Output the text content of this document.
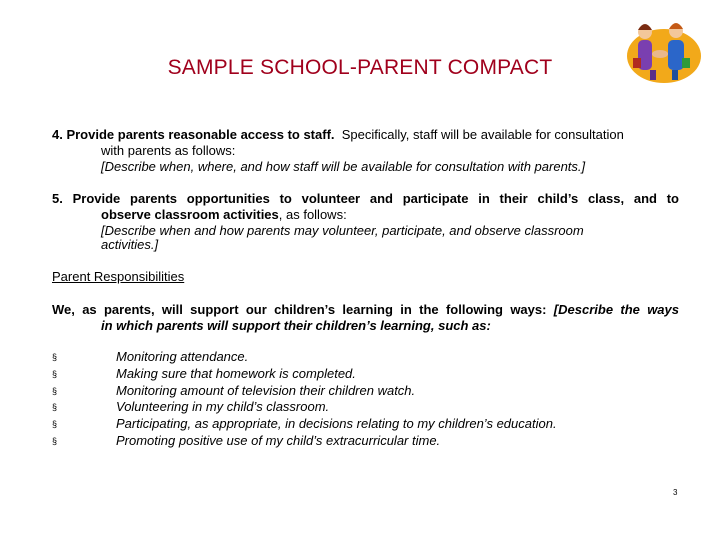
SAMPLE SCHOOL-PARENT COMPACT
4. Provide parents reasonable access to staff. Specifically, staff will be available for consultation
with parents as follows:
[Describe when, where, and how staff will be available for consultation with parents.]
5. Provide parents opportunities to volunteer and participate in their child’s class, and to
observe classroom activities, as follows:
[Describe when and how parents may volunteer, participate, and observe classroom
activities.]
Parent Responsibilities
We, as parents, will support our children’s learning in the following ways: [Describe the ways
in which parents will support their children’s learning, such as:
§	Monitoring attendance.
§	Making sure that homework is completed.
§	Monitoring amount of television their children watch.
§	Volunteering in my child’s classroom.
§	Participating, as appropriate, in decisions relating to my children’s education.
§	Promoting positive use of my child’s extracurricular time.
3
